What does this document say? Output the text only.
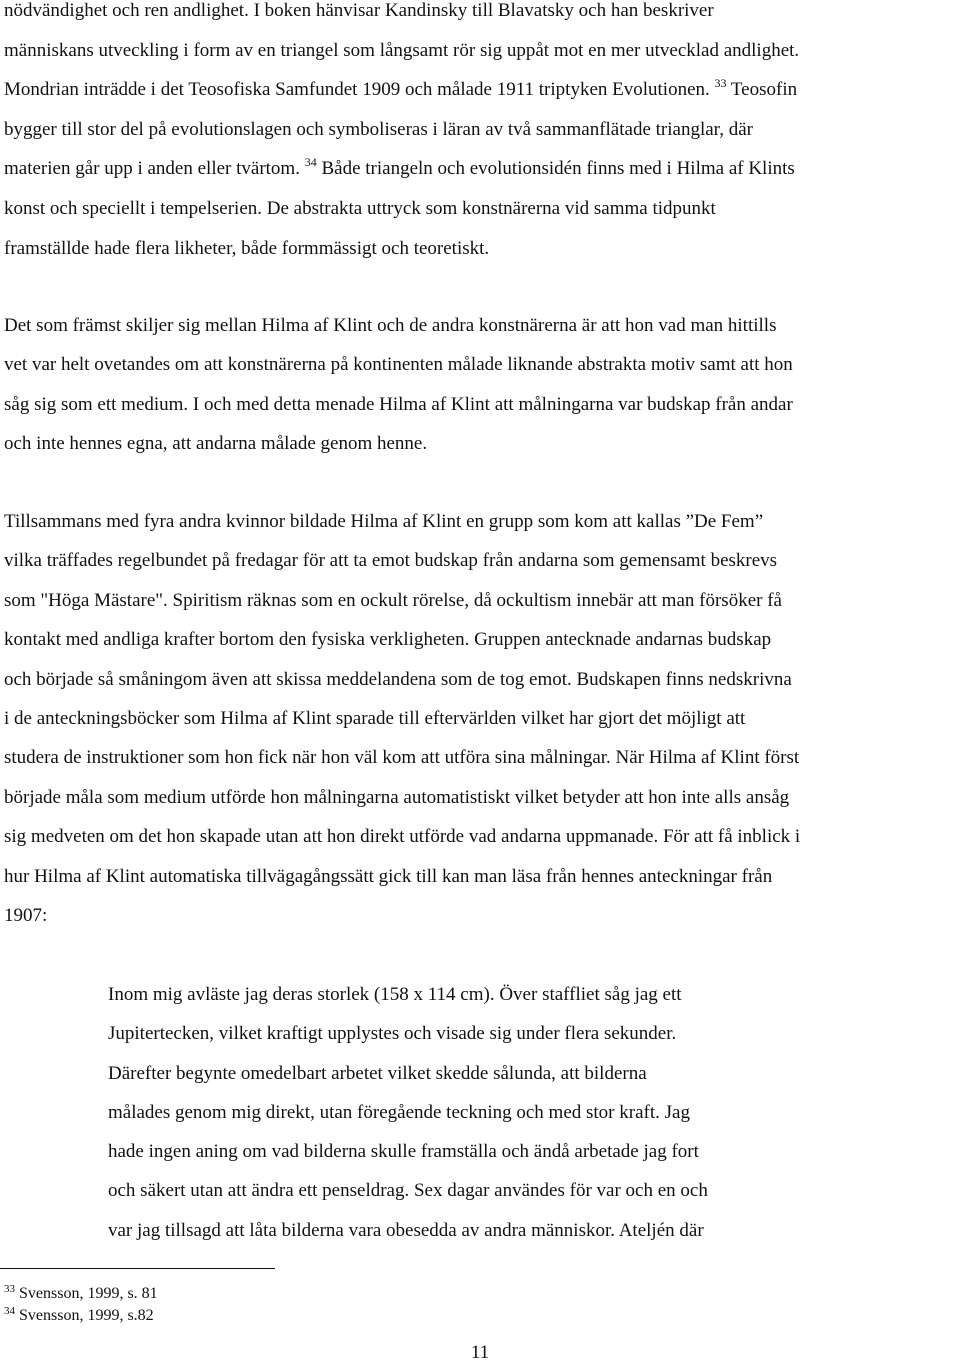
nödvändighet och ren andlighet. I boken hänvisar Kandinsky till Blavatsky och han beskriver
människans utveckling i form av en triangel som långsamt rör sig uppåt mot en mer utvecklad andlighet.
Mondrian inträdde i det Teosofiska Samfundet 1909 och målade 1911 triptyken Evolutionen. $^{33}$ Teosofin
bygger till stor del på evolutionslagen och symboliseras i läran av två sammanflätade trianglar, där
materien går upp i anden eller tvärtom. $^{34}$ Både triangeln och evolutionsidén finns med i Hilma af Klints
konst och speciellt i tempelserien. De abstrakta uttryck som konstnärerna vid samma tidpunkt
framställde hade flera likheter, både formmässigt och teoretiskt.
Det som främst skiljer sig mellan Hilma af Klint och de andra konstnärerna är att hon vad man hittills
vet var helt ovetandes om att konstnärerna på kontinenten målade liknande abstrakta motiv samt att hon
såg sig som ett medium. I och med detta menade Hilma af Klint att målningarna var budskap från andar
och inte hennes egna, att andarna målade genom henne.
Tillsammans med fyra andra kvinnor bildade Hilma af Klint en grupp som kom att kallas ”De Fem”
vilka träffades regelbundet på fredagar för att ta emot budskap från andarna som gemensamt beskrevs
som "Höga Mästare". Spiritism räknas som en ockult rörelse, då ockultism innebär att man försöker få
kontakt med andliga krafter bortom den fysiska verkligheten. Gruppen antecknade andarnas budskap
och började så småningom även att skissa meddelandena som de tog emot. Budskapen finns nedskrivna
i de anteckningsböcker som Hilma af Klint sparade till eftervärlden vilket har gjort det möjligt att
studera de instruktioner som hon fick när hon väl kom att utföra sina målningar. När Hilma af Klint först
började måla som medium utförde hon målningarna automatistiskt vilket betyder att hon inte alls ansåg
sig medveten om det hon skapade utan att hon direkt utförde vad andarna uppmanade. För att få inblick i
hur Hilma af Klint automatiska tillvägagångssätt gick till kan man läsa från hennes anteckningar från
1907:
Inom mig avläste jag deras storlek (158 x 114 cm). Över staffliet såg jag ett
Jupitertecken, vilket kraftigt upplystes och visade sig under flera sekunder.
Därefter begynte omedelbart arbetet vilket skedde sålunda, att bilderna
målades genom mig direkt, utan föregående teckning och med stor kraft. Jag
hade ingen aning om vad bilderna skulle framställa och ändå arbetade jag fort
och säkert utan att ändra ett penseldrag. Sex dagar användes för var och en och
var jag tillsagd att låta bilderna vara obesedda av andra människor. Ateljén där
$^{33}$ Svensson, 1999, s. 81
$^{34}$ Svensson, 1999, s.82
11
